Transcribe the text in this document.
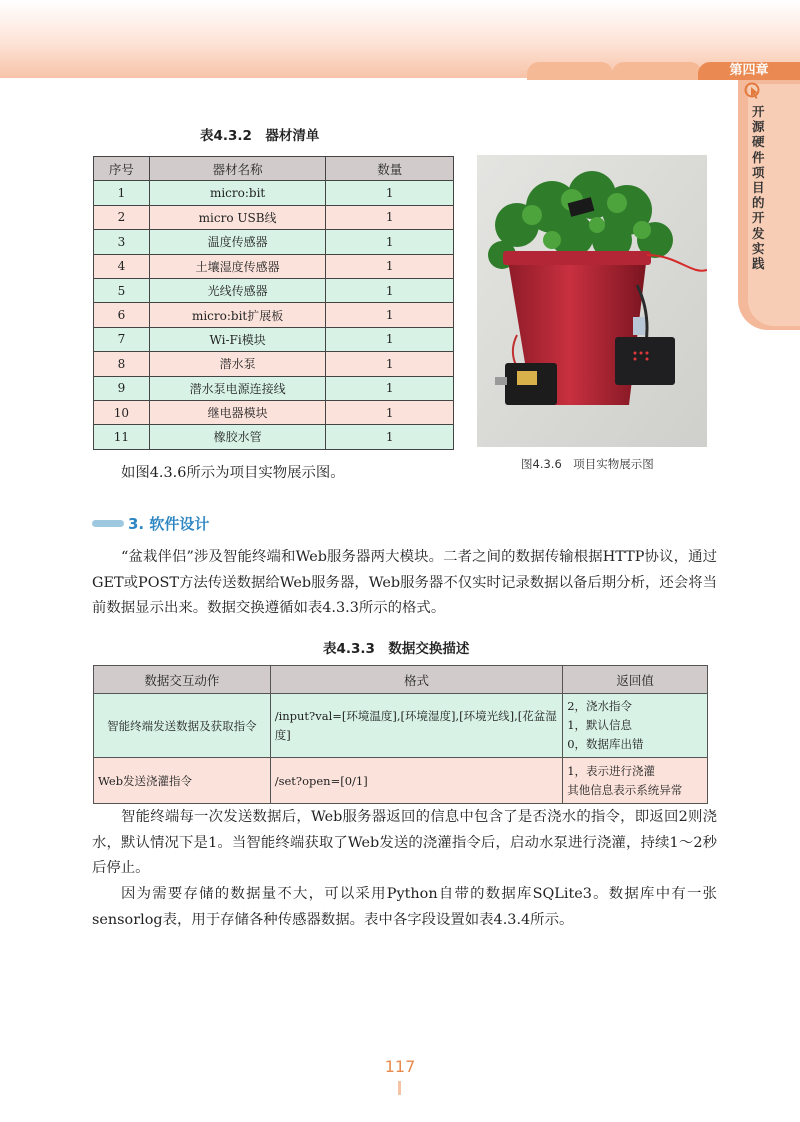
第四章
开源硬件项目的开发实践
表4.3.2　器材清单
序号	器材名称	数量
1	micro:bit	1
2	micro USB线	1
3	温度传感器	1
4	土壤湿度传感器	1
5	光线传感器	1
6	micro:bit扩展板	1
7	Wi-Fi模块	1
8	潜水泵	1
9	潜水泵电源连接线	1
10	继电器模块	1
11	橡胶水管	1
图4.3.6　项目实物展示图
如图4.3.6所示为项目实物展示图。
3. 软件设计
“盆栽伴侣”涉及智能终端和Web服务器两大模块。二者之间的数据传输根据HTTP协议，通过GET或POST方法传送数据给Web服务器，Web服务器不仅实时记录数据以备后期分析，还会将当前数据显示出来。数据交换遵循如表4.3.3所示的格式。
表4.3.3　数据交换描述
数据交互动作	格式	返回值
智能终端发送数据及获取指令	/input?val=[环境温度],[环境湿度],[环境光线],[花盆湿度]	2，浇水指令
1，默认信息
0，数据库出错

Web发送浇灌指令	/set?open=[0/1]	1，表示进行浇灌
其他信息表示系统异常
智能终端每一次发送数据后，Web服务器返回的信息中包含了是否浇水的指令，即返回2则浇水，默认情况下是1。当智能终端获取了Web发送的浇灌指令后，启动水泵进行浇灌，持续1～2秒后停止。
因为需要存储的数据量不大，可以采用Python自带的数据库SQLite3。数据库中有一张sensorlog表，用于存储各种传感器数据。表中各字段设置如表4.3.4所示。
117
